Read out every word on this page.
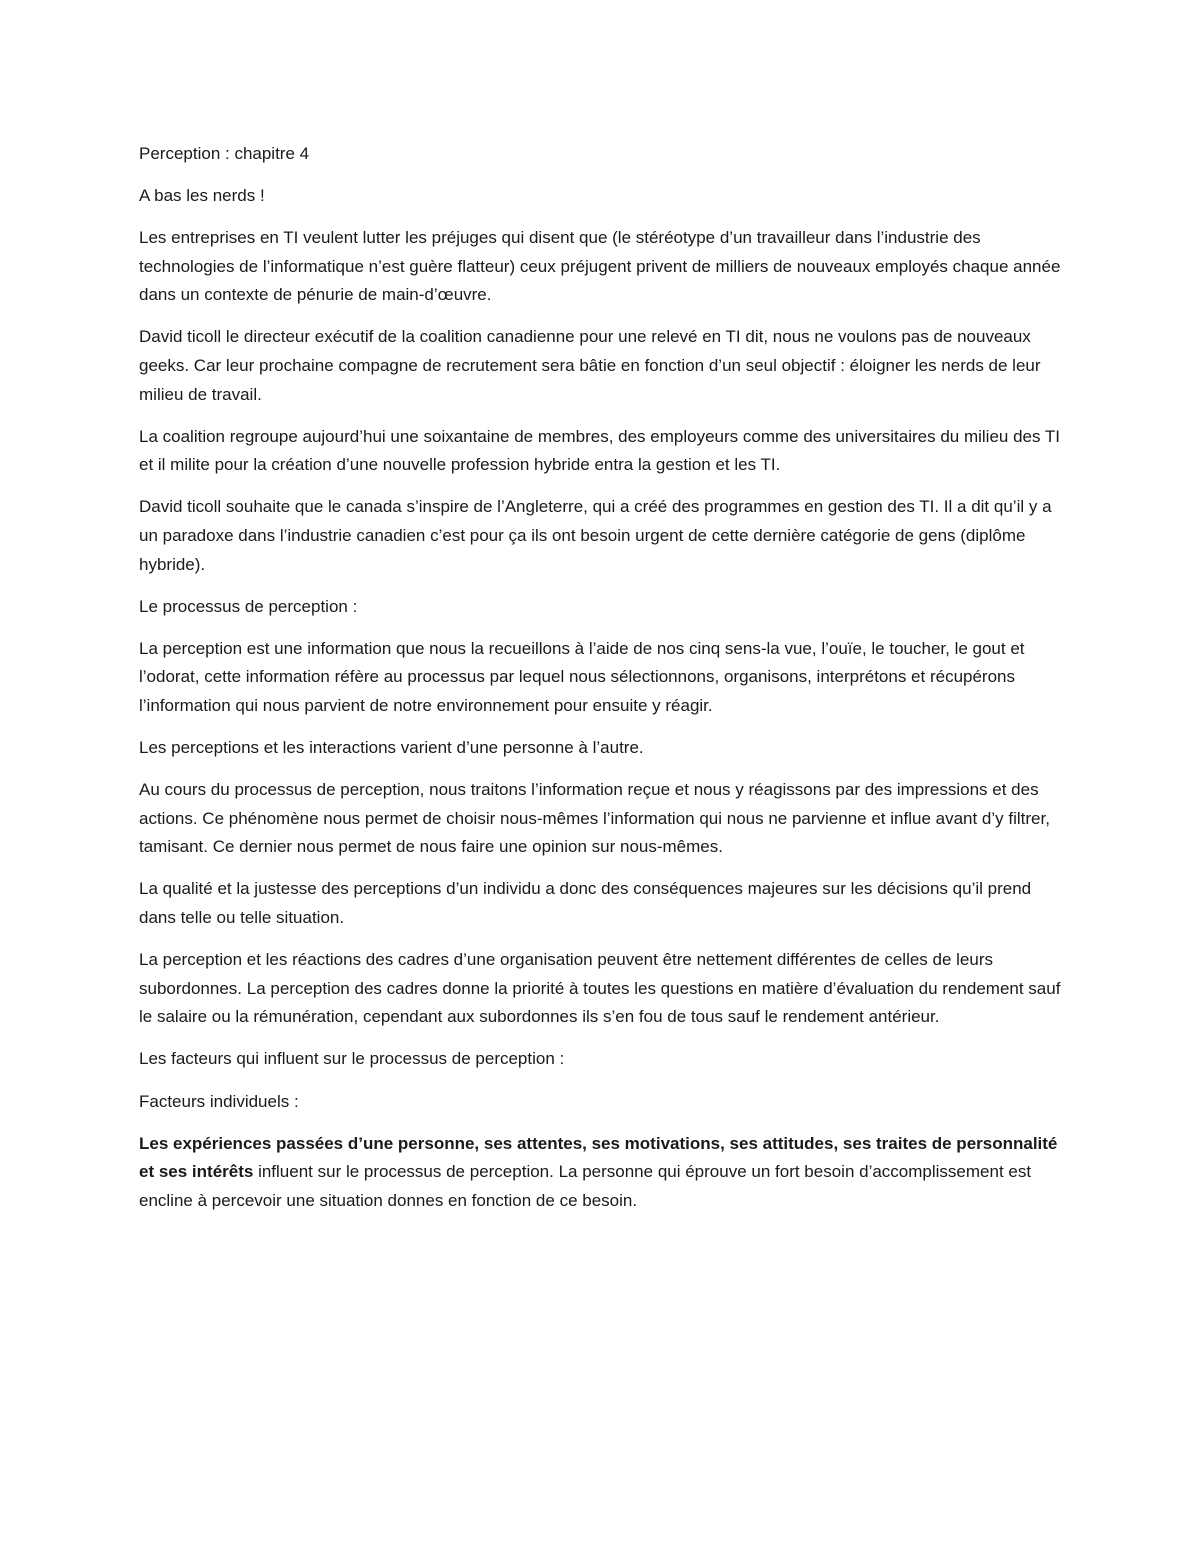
Perception : chapitre 4

A bas les nerds !

Les entreprises en TI veulent lutter les préjuges qui disent que (le stéréotype d’un travailleur dans l’industrie des technologies de l’informatique n’est guère flatteur) ceux préjugent privent de milliers de nouveaux employés chaque année dans un contexte de pénurie de main-d’œuvre.

David ticoll le directeur exécutif de la coalition canadienne pour une relevé en TI dit, nous ne voulons pas de nouveaux geeks. Car leur prochaine compagne de recrutement sera bâtie en fonction d’un seul objectif : éloigner les nerds de leur milieu de travail.

La coalition regroupe aujourd’hui une soixantaine de membres, des employeurs comme des universitaires du milieu des TI et il milite pour la création d’une nouvelle profession hybride entra la gestion et les TI.

David ticoll souhaite que le canada s’inspire de l’Angleterre, qui a créé des programmes en gestion des TI. Il a dit qu’il y a un paradoxe dans l’industrie canadien c’est pour ça ils ont besoin urgent de cette dernière catégorie de gens (diplôme hybride).

Le processus de perception :

La perception est une information que nous la recueillons à l’aide de nos cinq sens-la vue, l’ouïe, le toucher, le gout et l’odorat, cette information réfère au processus par lequel nous sélectionnons, organisons, interprétons et récupérons l’information qui nous parvient de notre environnement pour ensuite y réagir.

Les perceptions et les interactions varient d’une personne à l’autre.

Au cours du processus de perception, nous traitons l’information reçue et nous y réagissons par des impressions et des actions. Ce phénomène nous permet de choisir nous-mêmes l’information qui nous ne parvienne et influe avant d’y filtrer, tamisant. Ce dernier nous permet de nous faire une opinion sur nous-mêmes.

La qualité et la justesse des perceptions d’un individu a donc des conséquences majeures sur les décisions qu’il prend dans telle ou telle situation.

La perception et les réactions des cadres d’une organisation peuvent être nettement différentes de celles de leurs subordonnes. La perception des cadres donne la priorité à toutes les questions en matière d’évaluation du rendement sauf le salaire ou la rémunération, cependant aux subordonnes ils s’en fou de tous sauf le rendement antérieur.

Les facteurs qui influent sur le processus de perception :

Facteurs individuels :

Les expériences passées d’une personne, ses attentes, ses motivations, ses attitudes, ses traites de personnalité et ses intérêts influent sur le processus de perception. La personne qui éprouve un fort besoin d’accomplissement est encline à percevoir une situation donnes en fonction de ce besoin.
